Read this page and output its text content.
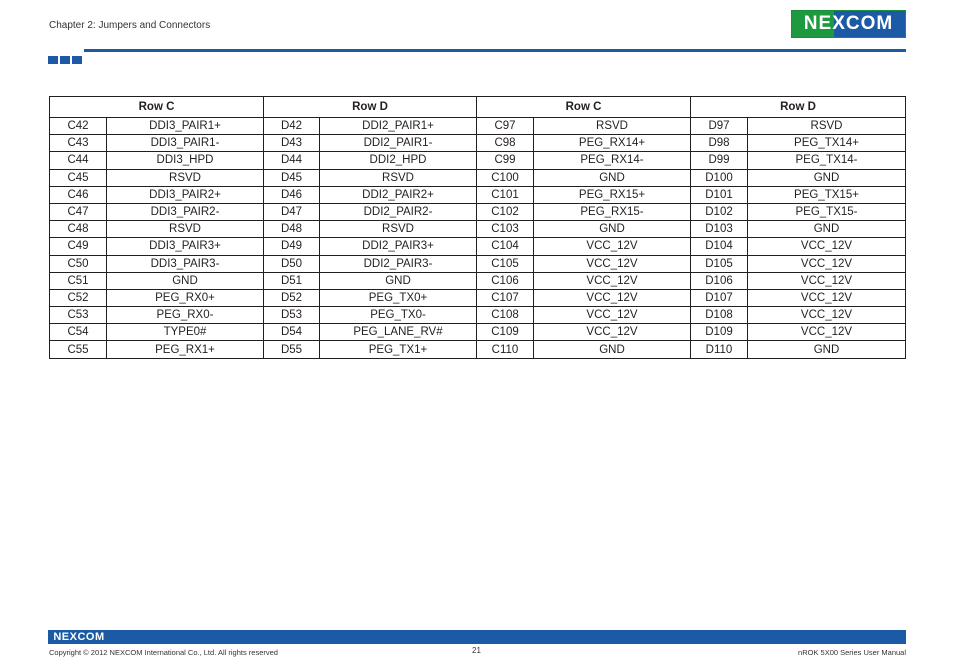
Chapter 2: Jumpers and Connectors	NEXCOM
Row C		Row D		Row C		Row D	
C42	DDI3_PAIR1+	D42	DDI2_PAIR1+	C97	RSVD	D97	RSVD
C43	DDI3_PAIR1-	D43	DDI2_PAIR1-	C98	PEG_RX14+	D98	PEG_TX14+
C44	DDI3_HPD	D44	DDI2_HPD	C99	PEG_RX14-	D99	PEG_TX14-
C45	RSVD	D45	RSVD	C100	GND	D100	GND
C46	DDI3_PAIR2+	D46	DDI2_PAIR2+	C101	PEG_RX15+	D101	PEG_TX15+
C47	DDI3_PAIR2-	D47	DDI2_PAIR2-	C102	PEG_RX15-	D102	PEG_TX15-
C48	RSVD	D48	RSVD	C103	GND	D103	GND
C49	DDI3_PAIR3+	D49	DDI2_PAIR3+	C104	VCC_12V	D104	VCC_12V
C50	DDI3_PAIR3-	D50	DDI2_PAIR3-	C105	VCC_12V	D105	VCC_12V
C51	GND	D51	GND	C106	VCC_12V	D106	VCC_12V
C52	PEG_RX0+	D52	PEG_TX0+	C107	VCC_12V	D107	VCC_12V
C53	PEG_RX0-	D53	PEG_TX0-	C108	VCC_12V	D108	VCC_12V
C54	TYPE0#	D54	PEG_LANE_RV#	C109	VCC_12V	D109	VCC_12V
C55	PEG_RX1+	D55	PEG_TX1+	C110	GND	D110	GND
NEXCOM
Copyright © 2012 NEXCOM International Co., Ltd. All rights reserved	21	nROK 5X00 Series User Manual
